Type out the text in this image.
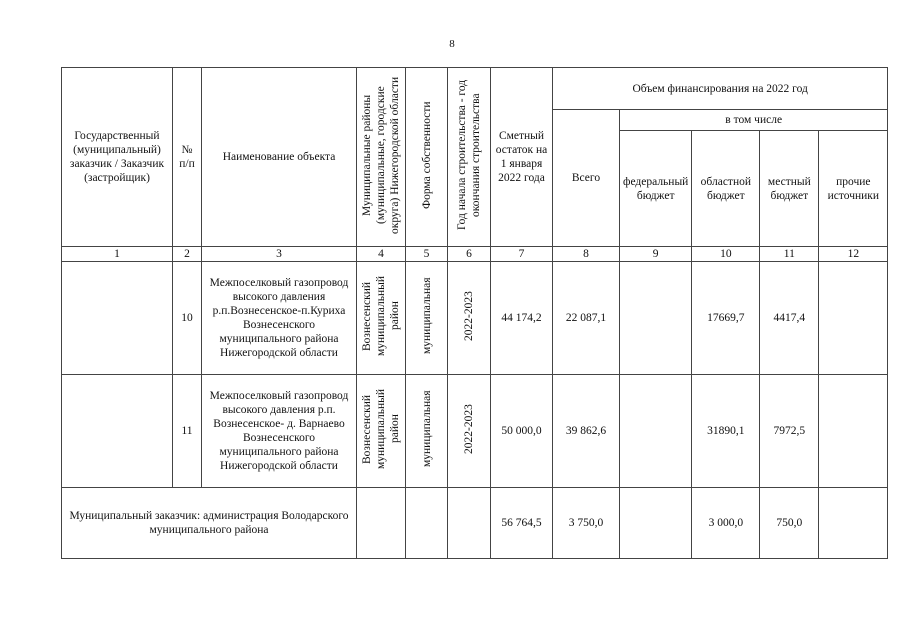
8
Государственный (муниципальный) заказчик / Заказчик (застройщик)	№ п/п	Наименование объекта	Муниципальные районы (муниципальные, городские округа) Нижегородской области	Форма собственности	Год начала строительства - год окончания строительства	Сметный остаток на 1 января 2022 года	Объем финансирования на 2022 год				
							Всего	в том числе			
								федеральный бюджет	областной бюджет	местный бюджет	прочие источники
1	2	3	4	5	6	7	8	9	10	11	12
	10	Межпоселковый газопровод высокого давления р.п.Вознесенское-п.Куриха Вознесенского муниципального района Нижегородской области	Вознесенский муниципальный район	муниципальная	2022-2023	44 174,2	22 087,1		17669,7	4417,4	
	11	Межпоселковый газопровод высокого давления р.п. Вознесенское- д. Варнаево Вознесенского муниципального района Нижегородской области	Вознесенский муниципальный район	муниципальная	2022-2023	50 000,0	39 862,6		31890,1	7972,5	
Муниципальный заказчик: администрация Володарского муниципального района						56 764,5	3 750,0		3 000,0	750,0	
